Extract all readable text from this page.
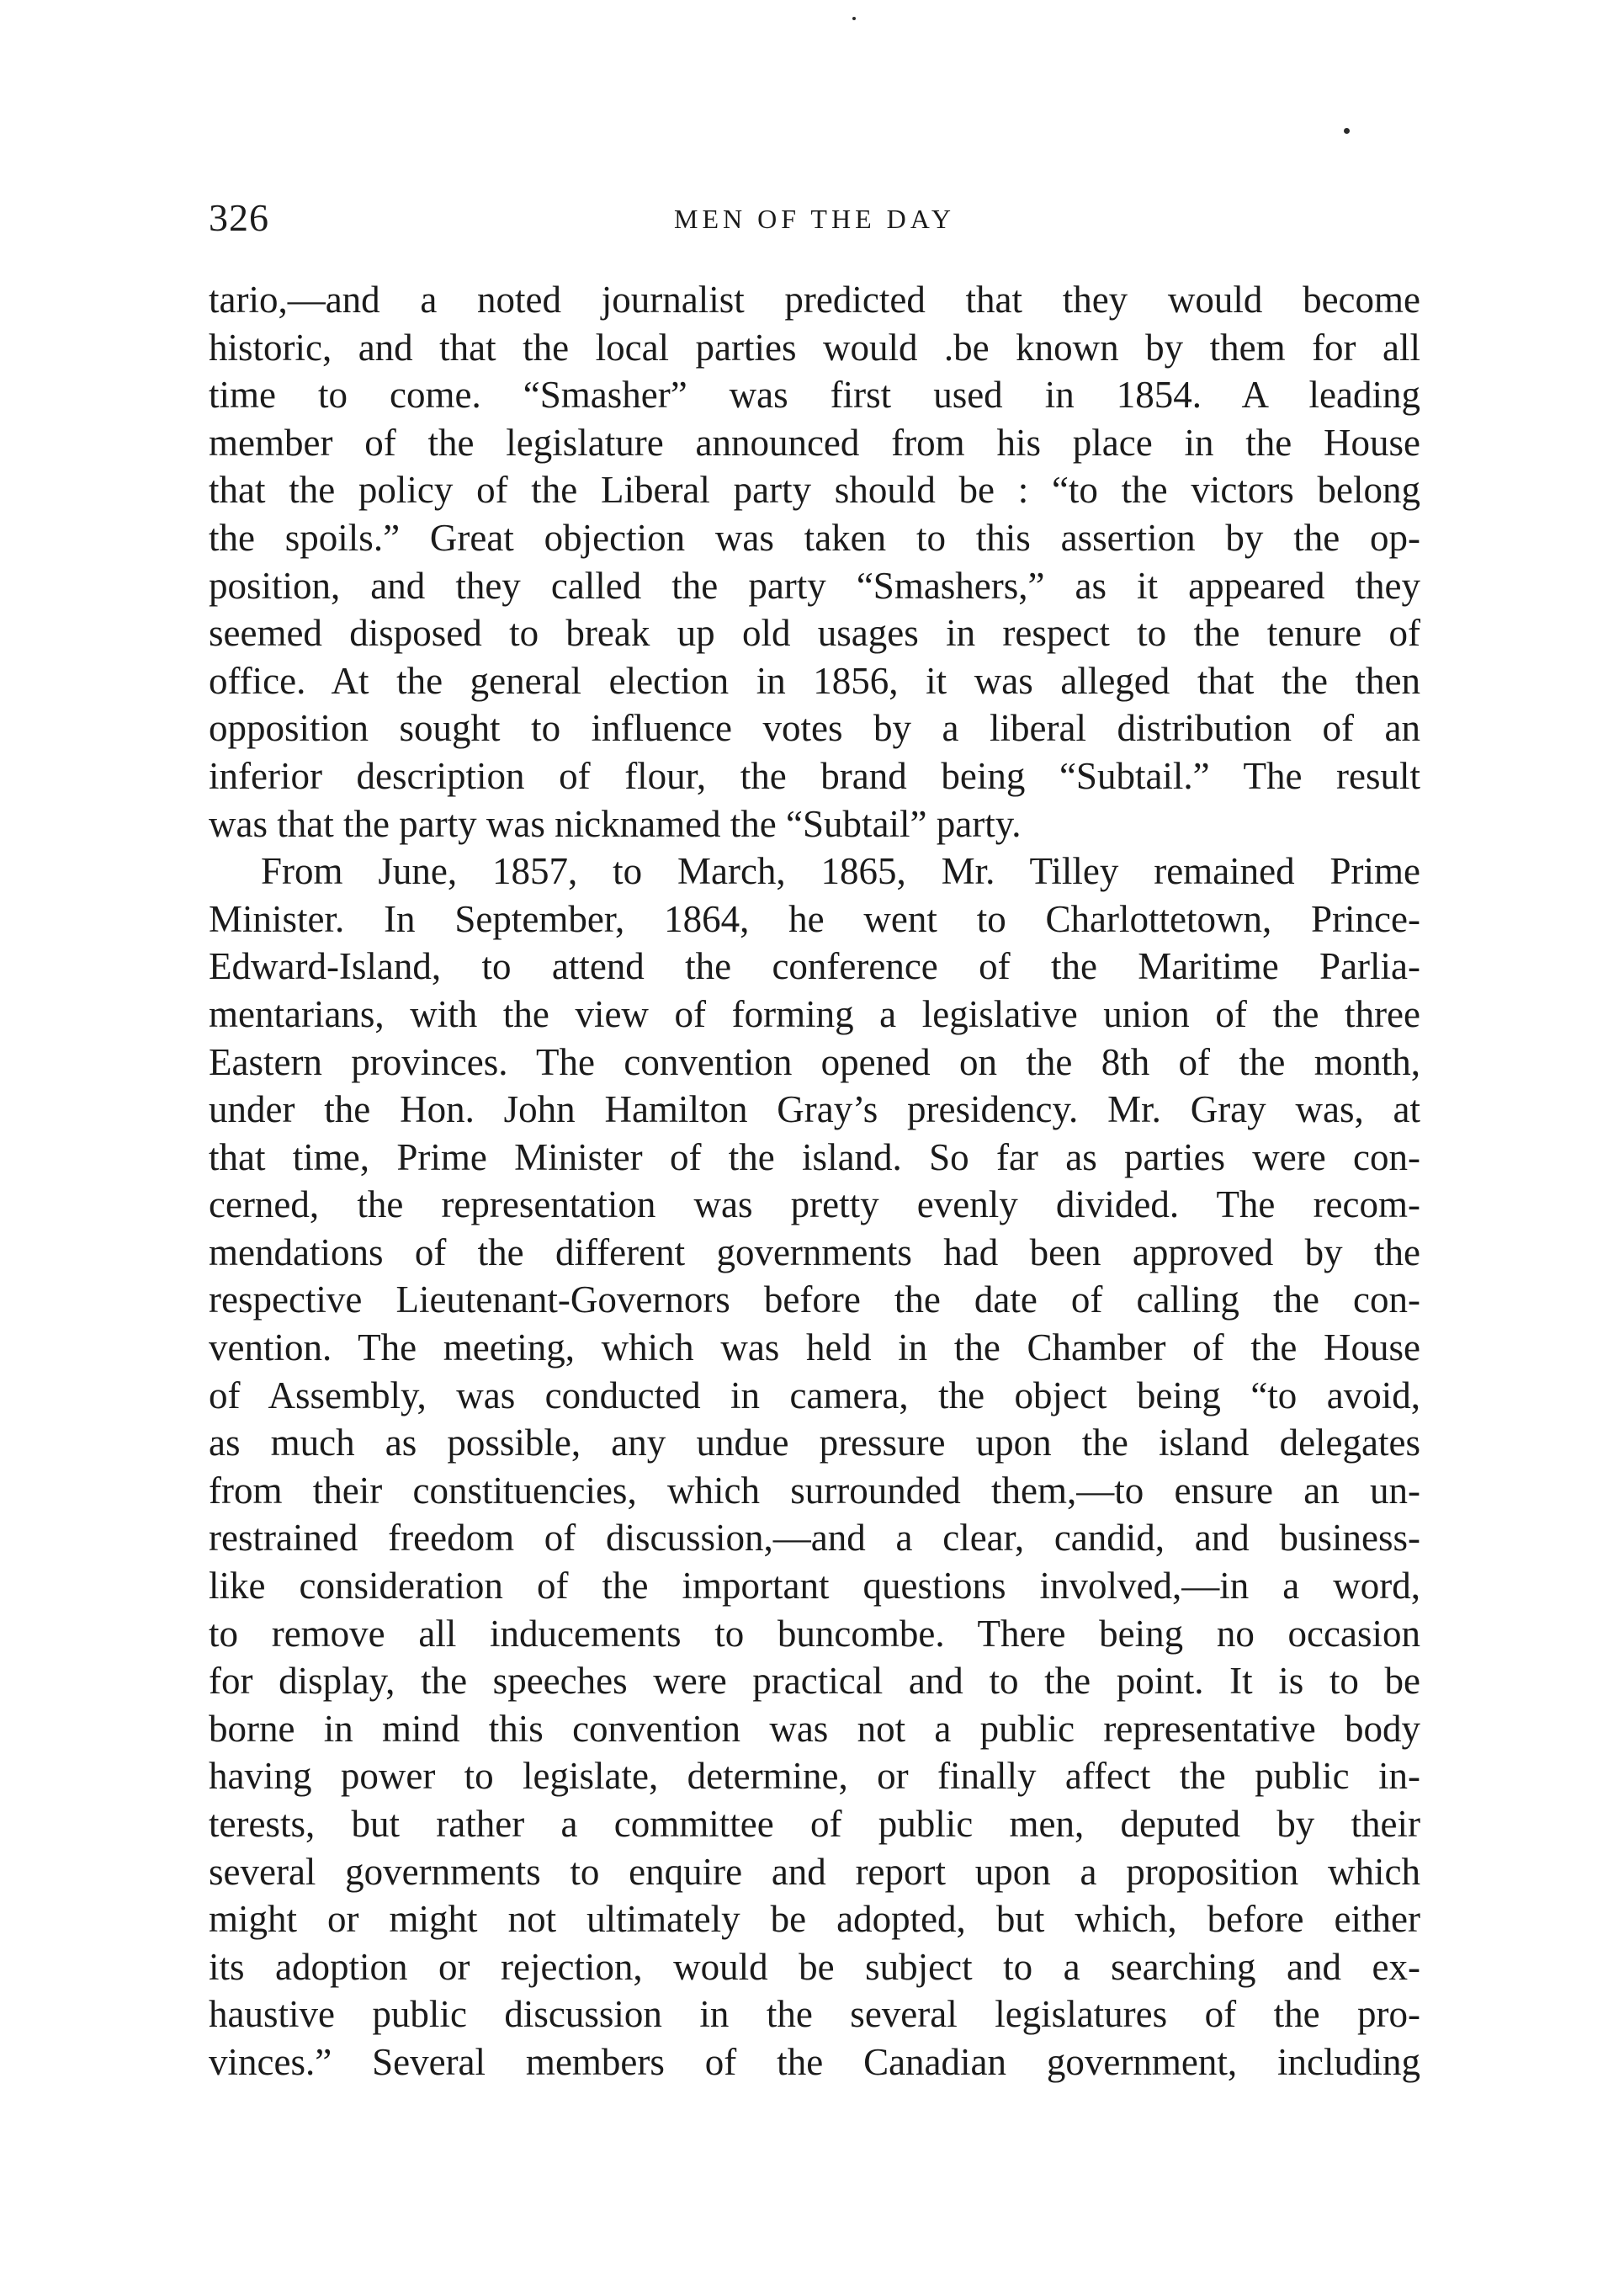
326	MEN OF THE DAY
tario,—and a noted journalist predicted that they would become
historic, and that the local parties would .be known by them for all
time to come. “Smasher” was first used in 1854. A leading
member of the legislature announced from his place in the House
that the policy of the Liberal party should be : “to the victors belong
the spoils.” Great objection was taken to this assertion by the op-
position, and they called the party “Smashers,” as it appeared they
seemed disposed to break up old usages in respect to the tenure of
office. At the general election in 1856, it was alleged that the then
opposition sought to influence votes by a liberal distribution of an
inferior description of flour, the brand being “Subtail.” The result
was that the party was nicknamed the “Subtail” party.
From June, 1857, to March, 1865, Mr. Tilley remained Prime
Minister. In September, 1864, he went to Charlottetown, Prince-
Edward-Island, to attend the conference of the Maritime Parlia-
mentarians, with the view of forming a legislative union of the three
Eastern provinces. The convention opened on the 8th of the month,
under the Hon. John Hamilton Gray’s presidency. Mr. Gray was, at
that time, Prime Minister of the island. So far as parties were con-
cerned, the representation was pretty evenly divided. The recom-
mendations of the different governments had been approved by the
respective Lieutenant-Governors before the date of calling the con-
vention. The meeting, which was held in the Chamber of the House
of Assembly, was conducted in camera, the object being “to avoid,
as much as possible, any undue pressure upon the island delegates
from their constituencies, which surrounded them,—to ensure an un-
restrained freedom of discussion,—and a clear, candid, and business-
like consideration of the important questions involved,—in a word,
to remove all inducements to buncombe. There being no occasion
for display, the speeches were practical and to the point. It is to be
borne in mind this convention was not a public representative body
having power to legislate, determine, or finally affect the public in-
terests, but rather a committee of public men, deputed by their
several governments to enquire and report upon a proposition which
might or might not ultimately be adopted, but which, before either
its adoption or rejection, would be subject to a searching and ex-
haustive public discussion in the several legislatures of the pro-
vinces.” Several members of the Canadian government, including
